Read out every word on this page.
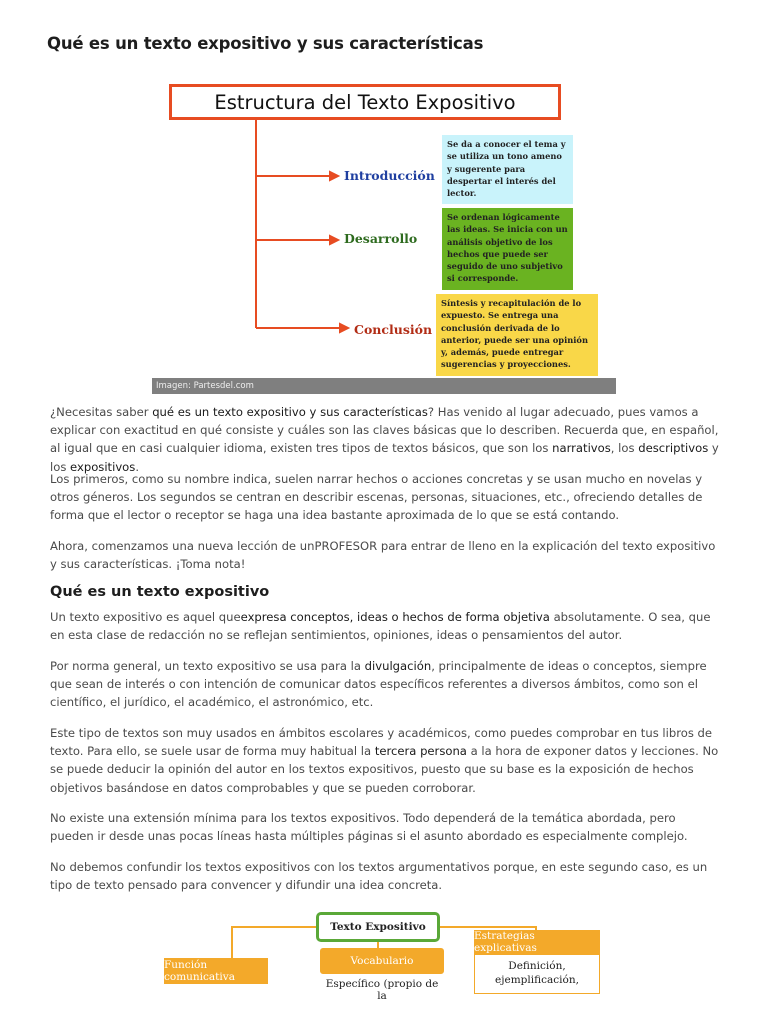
Qué es un texto expositivo y sus características
Estructura del Texto Expositivo
Introducción
Desarrollo
Conclusión
Se da a conocer el tema y
se utiliza un tono ameno
y sugerente para
despertar el interés del
lector.
Se ordenan lógicamente
las ideas. Se inicia con un
análisis objetivo de los
hechos que puede ser
seguido de uno subjetivo
si corresponde.
Síntesis y recapitulación de lo
expuesto. Se entrega una
conclusión derivada de lo
anterior, puede ser una opinión
y, además, puede entregar
sugerencias y proyecciones.
Imagen: Partesdel.com

¿Necesitas saber qué es un texto expositivo y sus características? Has venido al lugar adecuado, pues vamos a explicar con exactitud en qué consiste y cuáles son las claves básicas que lo describen. Recuerda que, en español, al igual que en casi cualquier idioma, existen tres tipos de textos básicos, que son los narrativos, los descriptivos y los expositivos.

Los primeros, como su nombre indica, suelen narrar hechos o acciones concretas y se usan mucho en novelas y otros géneros. Los segundos se centran en describir escenas, personas, situaciones, etc., ofreciendo detalles de forma que el lector o receptor se haga una idea bastante aproximada de lo que se está contando.

Ahora, comenzamos una nueva lección de unPROFESOR para entrar de lleno en la explicación del texto expositivo y sus características. ¡Toma nota!

Qué es un texto expositivo

Un texto expositivo es aquel queexpresa conceptos, ideas o hechos de forma objetiva absolutamente. O sea, que en esta clase de redacción no se reflejan sentimientos, opiniones, ideas o pensamientos del autor.

Por norma general, un texto expositivo se usa para la divulgación, principalmente de ideas o conceptos, siempre que sean de interés o con intención de comunicar datos específicos referentes a diversos ámbitos, como son el científico, el jurídico, el académico, el astronómico, etc.

Este tipo de textos son muy usados en ámbitos escolares y académicos, como puedes comprobar en tus libros de texto. Para ello, se suele usar de forma muy habitual la tercera persona a la hora de exponer datos y lecciones. No se puede deducir la opinión del autor en los textos expositivos, puesto que su base es la exposición de hechos objetivos basándose en datos comprobables y que se pueden corroborar.

No existe una extensión mínima para los textos expositivos. Todo dependerá de la temática abordada, pero pueden ir desde unas pocas líneas hasta múltiples páginas si el asunto abordado es especialmente complejo.

No debemos confundir los textos expositivos con los textos argumentativos porque, en este segundo caso, es un tipo de texto pensado para convencer y difundir una idea concreta.

Texto Expositivo
Función comunicativa
Vocabulario
Específico (propio de la
Estrategias explicativas
Definición,
ejemplificación,
